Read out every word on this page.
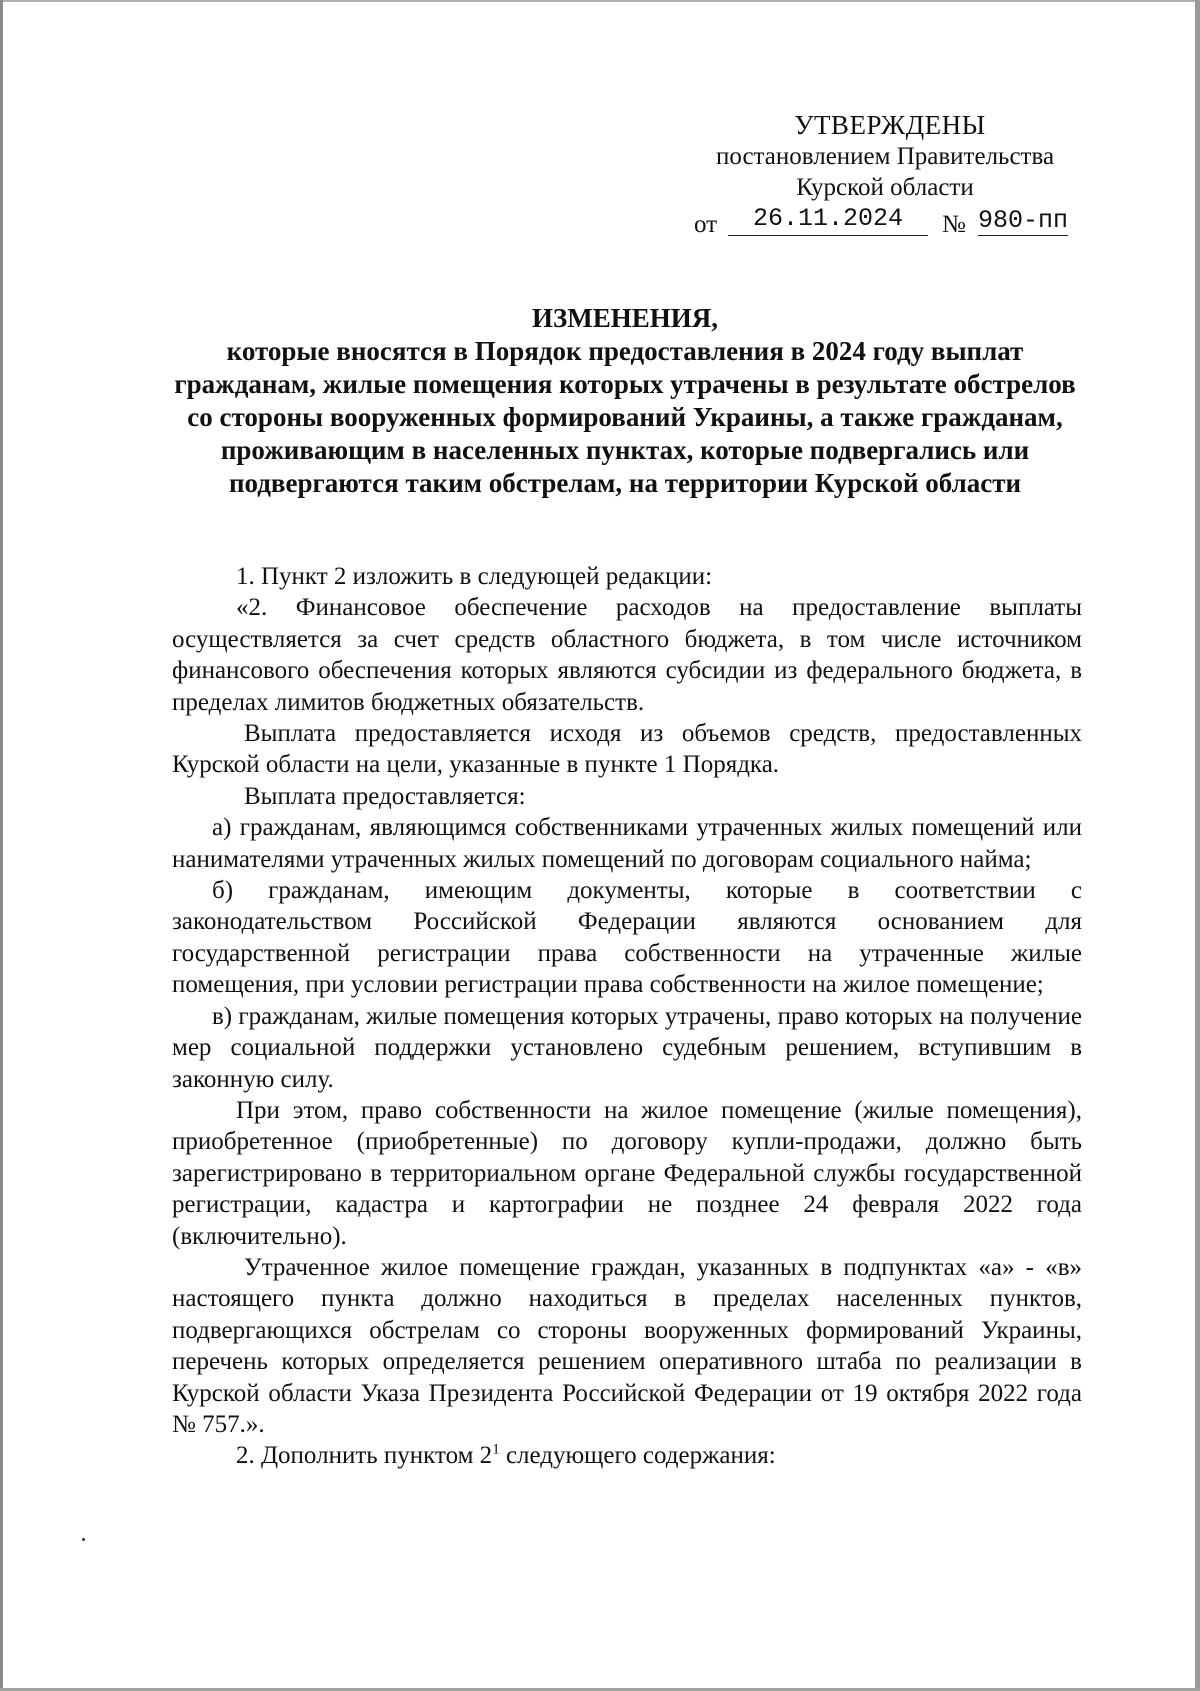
УТВЕРЖДЕНЫ
постановлением Правительства
Курской области
от	26.11.2024	№ 980-пп
ИЗМЕНЕНИЯ,
которые вносятся в Порядок предоставления в 2024 году выплат гражданам, жилые помещения которых утрачены в результате обстрелов со стороны вооруженных формирований Украины, а также гражданам, проживающим в населенных пунктах, которые подвергались или подвергаются таким обстрелам, на территории Курской области

1. Пункт 2 изложить в следующей редакции:

«2. Финансовое обеспечение расходов на предоставление выплаты осуществляется за счет средств областного бюджета, в том числе источником финансового обеспечения которых являются субсидии из федерального бюджета, в пределах лимитов бюджетных обязательств.

Выплата предоставляется исходя из объемов средств, предоставленных Курской области на цели, указанные в пункте 1 Порядка.

Выплата предоставляется:

а) гражданам, являющимся собственниками утраченных жилых помещений или нанимателями утраченных жилых помещений по договорам социального найма;

б) гражданам, имеющим документы, которые в соответствии с законодательством Российской Федерации являются основанием для государственной регистрации права собственности на утраченные жилые помещения, при условии регистрации права собственности на жилое помещение;

в) гражданам, жилые помещения которых утрачены, право которых на получение мер социальной поддержки установлено судебным решением, вступившим в законную силу.

При этом, право собственности на жилое помещение (жилые помещения), приобретенное (приобретенные) по договору купли-продажи, должно быть зарегистрировано в территориальном органе Федеральной службы государственной регистрации, кадастра и картографии не позднее 24 февраля 2022 года (включительно).

Утраченное жилое помещение граждан, указанных в подпунктах «а» - «в» настоящего пункта должно находиться в пределах населенных пунктов, подвергающихся обстрелам со стороны вооруженных формирований Украины, перечень которых определяется решением оперативного штаба по реализации в Курской области Указа Президента Российской Федерации от 19 октября 2022 года № 757.».

2. Дополнить пунктом $2^1$ следующего содержания:
